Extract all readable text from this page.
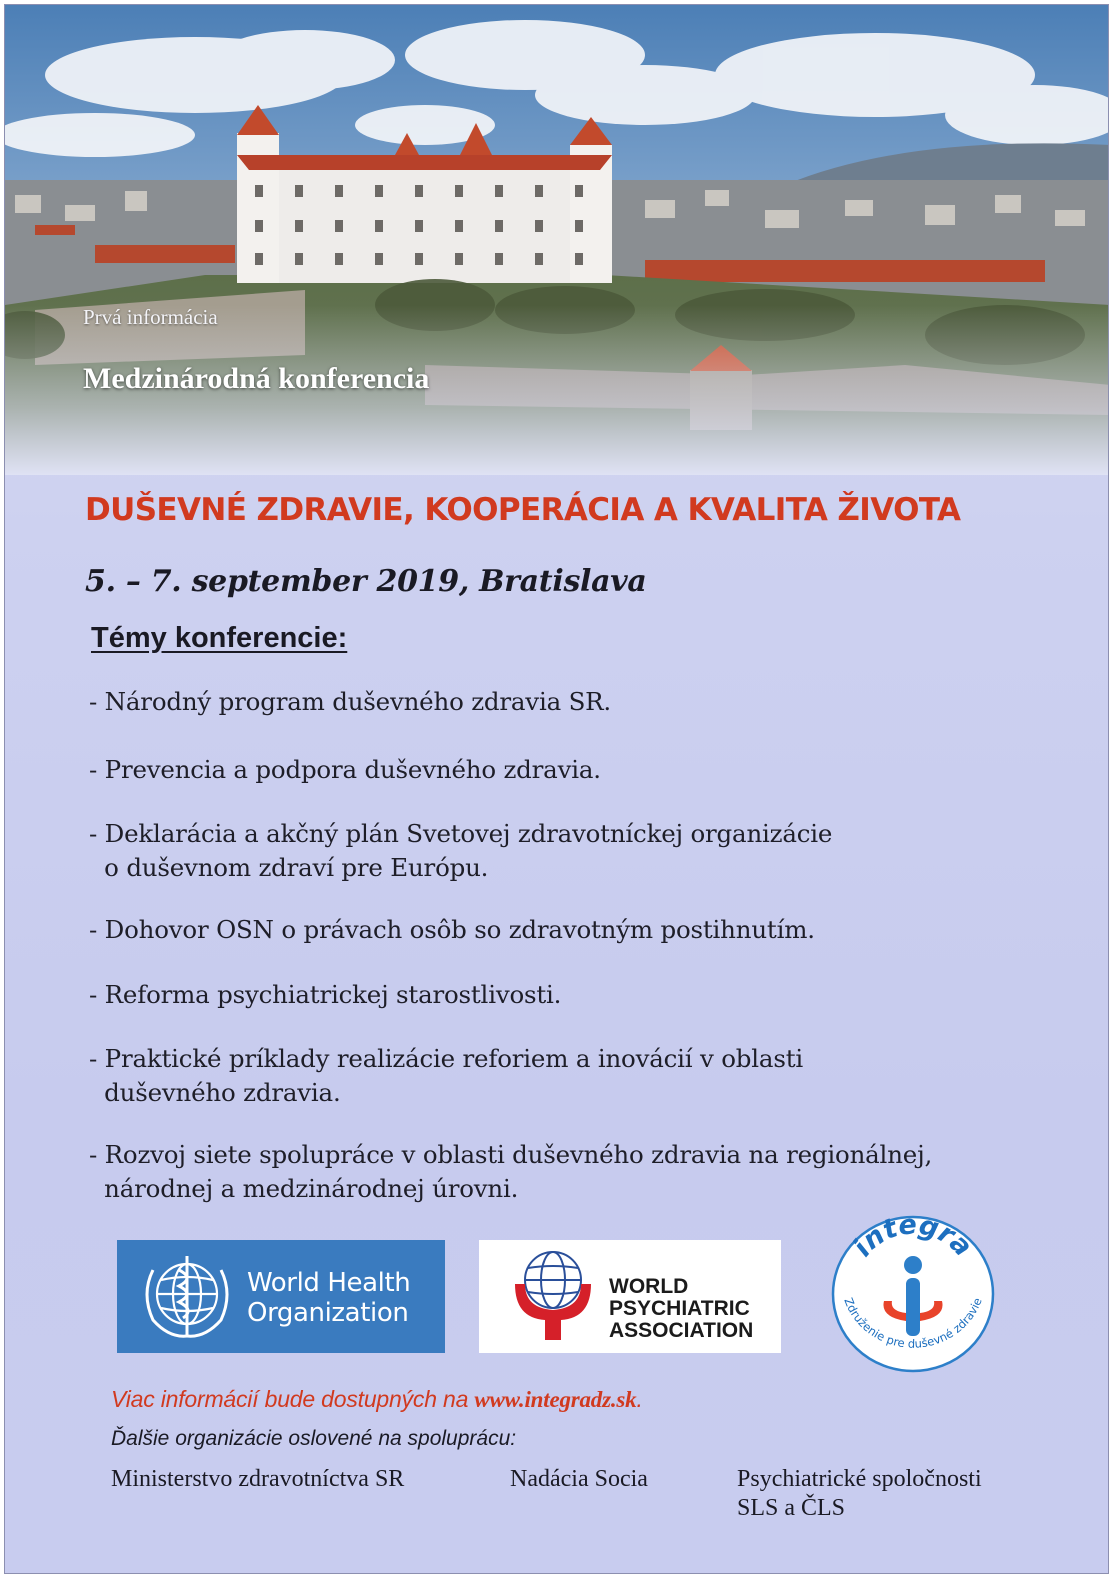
Prvá informácia

Medzinárodná konferencia

DUŠEVNÉ ZDRAVIE, KOOPERÁCIA A KVALITA ŽIVOTA

5. – 7. september 2019, Bratislava

Témy konferencie:
- Národný program duševného zdravia SR.
- Prevencia a podpora duševného zdravia.
- Deklarácia a akčný plán Svetovej zdravotníckej organizácie
o duševnom zdraví pre Európu.
- Dohovor OSN o právach osôb so zdravotným postihnutím.
- Reforma psychiatrickej starostlivosti.
- Praktické príklady realizácie reforiem a inovácií v oblasti
duševného zdravia.
- Rozvoj siete spolupráce v oblasti duševného zdravia na regionálnej,
národnej a medzinárodnej úrovni.
World Health
Organization
WORLD
PSYCHIATRIC
ASSOCIATION
integra
Združenie pre duševné zdravie

Viac informácií bude dostupných na www.integradz.sk.

Ďalšie organizácie oslovené na spoluprácu:

Ministerstvo zdravotníctva SR	Nadácia Socia	Psychiatrické spoločnosti
SLS a ČLS
